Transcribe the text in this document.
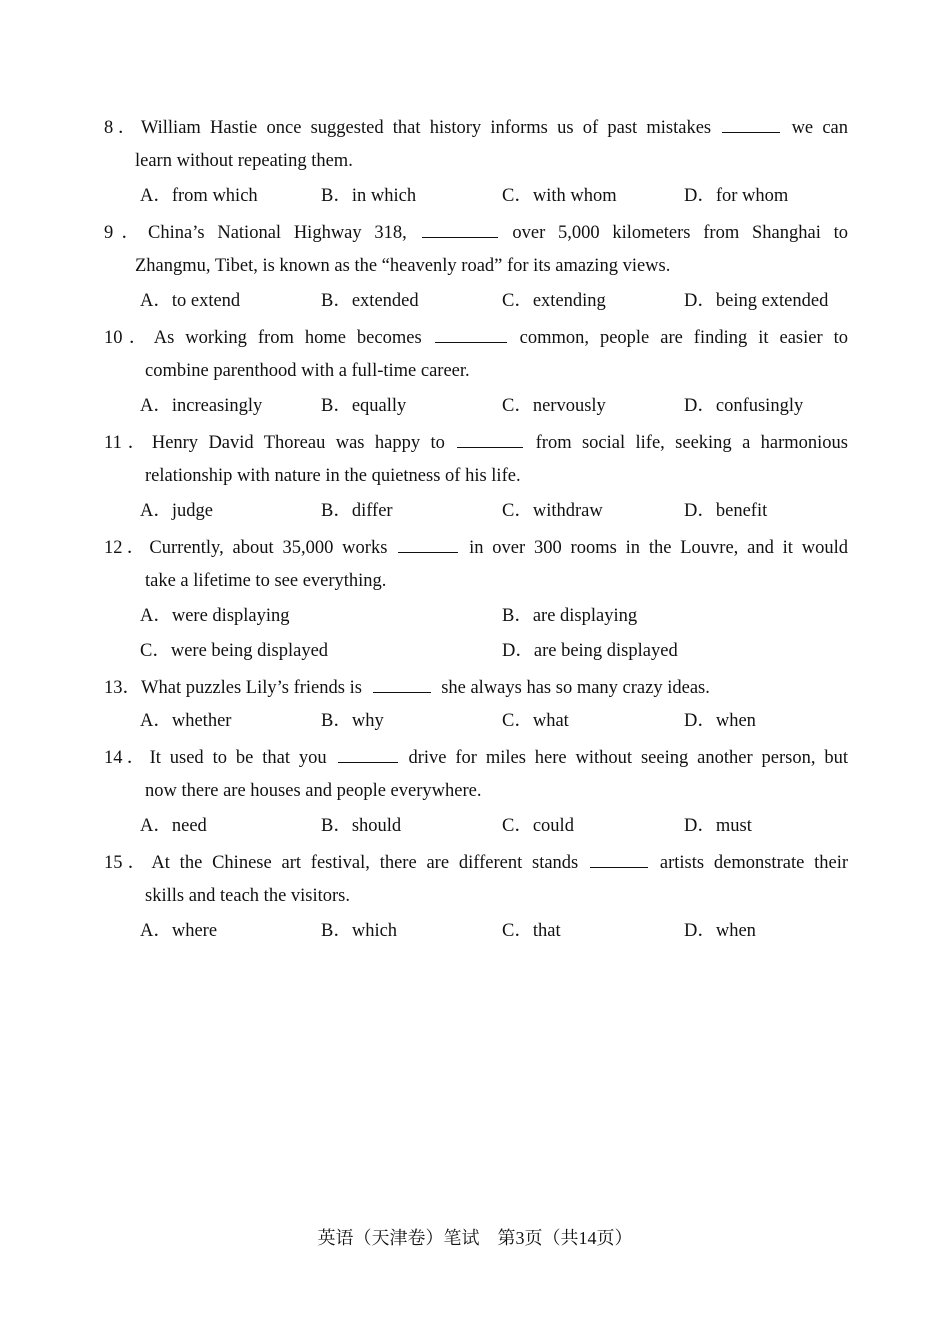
8．William Hastie once suggested that history informs us of past mistakes	we can
learn without repeating them.
A．from which	B．in which	C．with whom	D．for whom
9．China’s National Highway 318,	over 5,000 kilometers from Shanghai to
Zhangmu, Tibet, is known as the “heavenly road” for its amazing views.
A．to extend	B．extended	C．extending	D．being extended
10．As working from home becomes	common, people are finding it easier to
combine parenthood with a full-time career.
A．increasingly	B．equally	C．nervously	D．confusingly
11．Henry David Thoreau was happy to	from social life, seeking a harmonious
relationship with nature in the quietness of his life.
A．judge	B．differ	C．withdraw	D．benefit
12．Currently, about 35,000 works	in over 300 rooms in the Louvre, and it would
take a lifetime to see everything.
A．were displaying	B．are displaying
C．were being displayed	D．are being displayed
13．What puzzles Lily’s friends is	she always has so many crazy ideas.
A．whether	B．why	C．what	D．when
14．It used to be that you	drive for miles here without seeing another person, but
now there are houses and people everywhere.
A．need	B．should	C．could	D．must
15．At the Chinese art festival, there are different stands	artists demonstrate their
skills and teach the visitors.
A．where	B．which	C．that	D．when
英语（天津卷）笔试　第3页（共14页）
